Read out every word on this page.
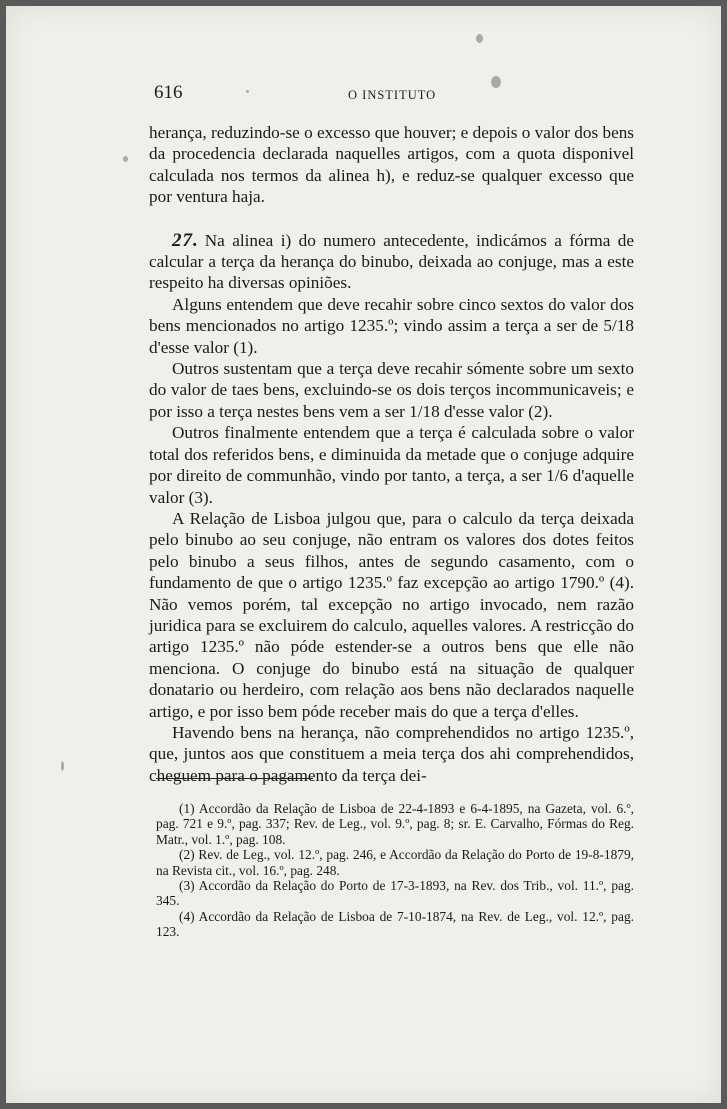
616	O INSTITUTO

herança, reduzindo-se o excesso que houver; e depois o valor dos bens da procedencia declarada naquelles artigos, com a quota disponivel calculada nos termos da alinea h), e reduz-se qualquer excesso que por ventura haja.

27. Na alinea i) do numero antecedente, indicámos a fórma de calcular a terça da herança do binubo, deixada ao conjuge, mas a este respeito ha diversas opiniões.

Alguns entendem que deve recahir sobre cinco sextos do valor dos bens mencionados no artigo 1235.º; vindo assim a terça a ser de 5/18 d'esse valor (1).

Outros sustentam que a terça deve recahir sómente sobre um sexto do valor de taes bens, excluindo-se os dois terços incommunicaveis; e por isso a terça nestes bens vem a ser 1/18 d'esse valor (2).

Outros finalmente entendem que a terça é calculada sobre o valor total dos referidos bens, e diminuida da metade que o conjuge adquire por direito de communhão, vindo por tanto, a terça, a ser 1/6 d'aquelle valor (3).

A Relação de Lisboa julgou que, para o calculo da terça deixada pelo binubo ao seu conjuge, não entram os valores dos dotes feitos pelo binubo a seus filhos, antes de segundo casamento, com o fundamento de que o artigo 1235.º faz excepção ao artigo 1790.º (4). Não vemos porém, tal excepção no artigo invocado, nem razão juridica para se excluirem do calculo, aquelles valores. A restricção do artigo 1235.º não póde estender-se a outros bens que elle não menciona. O conjuge do binubo está na situação de qualquer donatario ou herdeiro, com relação aos bens não declarados naquelle artigo, e por isso bem póde receber mais do que a terça d'elles.

Havendo bens na herança, não comprehendidos no artigo 1235.º, que, juntos aos que constituem a meia terça dos ahi comprehendidos, cheguem para o pagamento da terça dei-

(1) Accordão da Relação de Lisboa de 22-4-1893 e 6-4-1895, na Gazeta, vol. 6.º, pag. 721 e 9.º, pag. 337; Rev. de Leg., vol. 9.º, pag. 8; sr. E. Carvalho, Fórmas do Reg. Matr., vol. 1.º, pag. 108.

(2) Rev. de Leg., vol. 12.º, pag. 246, e Accordão da Relação do Porto de 19-8-1879, na Revista cit., vol. 16.º, pag. 248.

(3) Accordão da Relação do Porto de 17-3-1893, na Rev. dos Trib., vol. 11.º, pag. 345.

(4) Accordão da Relação de Lisboa de 7-10-1874, na Rev. de Leg., vol. 12.º, pag. 123.
